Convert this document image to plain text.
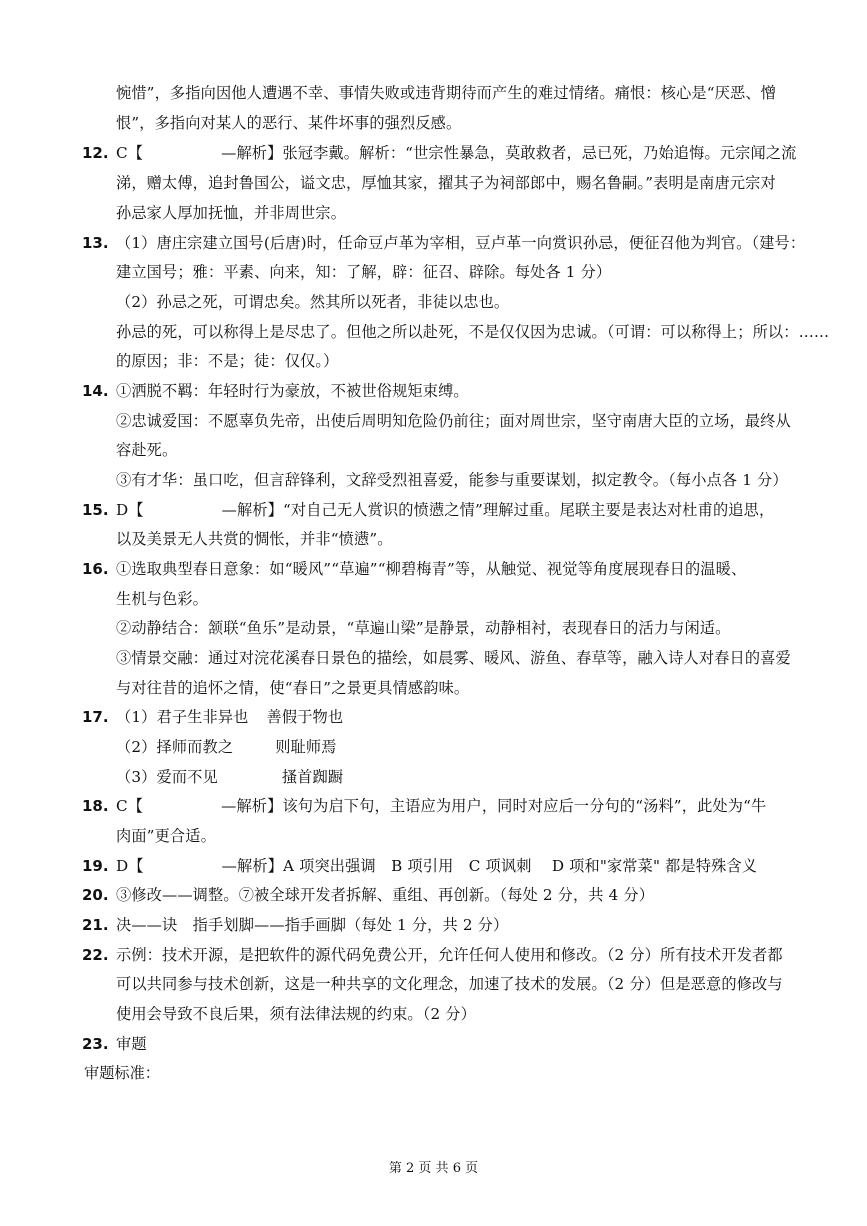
惋惜”，多指向因他人遭遇不幸、事情失败或违背期待而产生的难过情绪。痛恨：核心是“厌恶、憎
恨”，多指向对某人的恶行、某件坏事的强烈反感。
12. C【	—解析】张冠李戴。解析：“世宗性暴急，莫敢救者，忌已死，乃始追悔。元宗闻之流
涕，赠太傅，追封鲁国公，谥文忠，厚恤其家，擢其子为祠部郎中，赐名鲁嗣。”表明是南唐元宗对
孙忌家人厚加抚恤，并非周世宗。
13. （1）唐庄宗建立国号(后唐)时，任命豆卢革为宰相，豆卢革一向赏识孙忌，便征召他为判官。（建号：
建立国号；雅：平素、向来，知：了解，辟：征召、辟除。每处各 1 分）
（2）孙忌之死，可谓忠矣。然其所以死者，非徒以忠也。
孙忌的死，可以称得上是尽忠了。但他之所以赴死，不是仅仅因为忠诚。（可谓：可以称得上；所以：……
的原因；非：不是；徒：仅仅。）
14. ①洒脱不羁：年轻时行为豪放，不被世俗规矩束缚。
②忠诚爱国：不愿辜负先帝，出使后周明知危险仍前往；面对周世宗，坚守南唐大臣的立场，最终从
容赴死。
③有才华：虽口吃，但言辞锋利，文辞受烈祖喜爱，能参与重要谋划，拟定教令。（每小点各 1 分）
15. D【	—解析】“对自己无人赏识的愤懑之情”理解过重。尾联主要是表达对杜甫的追思，
以及美景无人共赏的惆怅，并非“愤懑”。
16. ①选取典型春日意象：如“暖风”“草遍”“柳碧梅青”等，从触觉、视觉等角度展现春日的温暖、
生机与色彩。
②动静结合：颔联“鱼乐”是动景，“草遍山梁”是静景，动静相衬，表现春日的活力与闲适。
③情景交融：通过对浣花溪春日景色的描绘，如晨雾、暖风、游鱼、春草等，融入诗人对春日的喜爱
与对往昔的追怀之情，使“春日”之景更具情感韵味。
17. （1）君子生非异也 善假于物也
（2）择师而教之	则耻师焉
（3）爱而不见	搔首踟蹰
18. C【	—解析】该句为启下句，主语应为用户，同时对应后一分句的“汤料”，此处为“牛
肉面”更合适。
19. D【	—解析】A 项突出强调　B 项引用　C 项讽刺　 D 项和"家常菜" 都是特殊含义
20. ③修改——调整。⑦被全球开发者拆解、重组、再创新。（每处 2 分，共 4 分）
21. 决——诀　指手划脚——指手画脚（每处 1 分，共 2 分）
22. 示例：技术开源，是把软件的源代码免费公开，允许任何人使用和修改。（2 分）所有技术开发者都
可以共同参与技术创新，这是一种共享的文化理念，加速了技术的发展。（2 分）但是恶意的修改与
使用会导致不良后果，须有法律法规的约束。（2 分）
23. 审题
审题标准：
第 2 页 共 6 页
